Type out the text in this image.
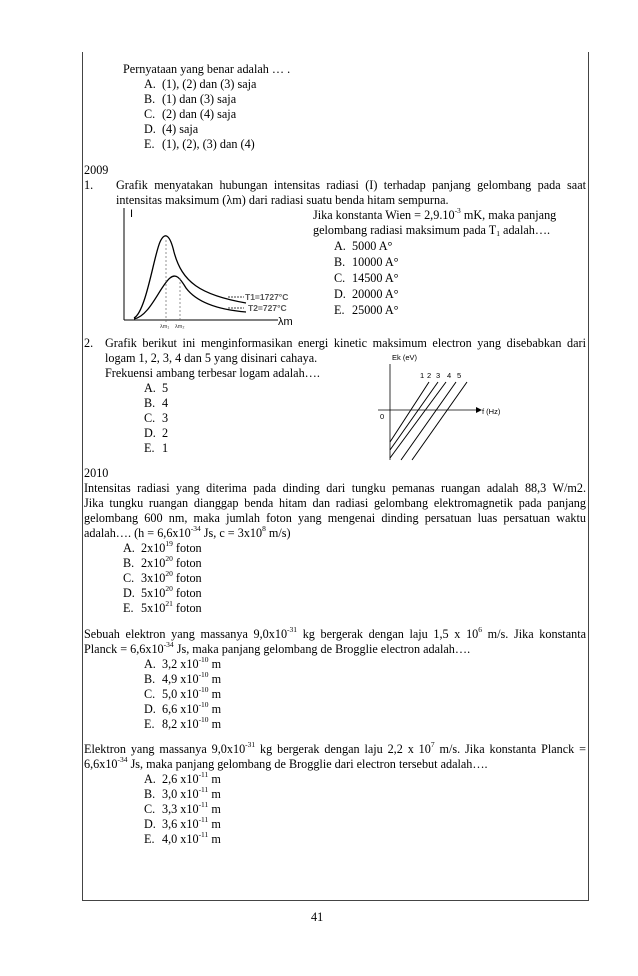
Pernyataan yang benar adalah … .
A. (1), (2) dan (3) saja
B. (1) dan (3) saja
C. (2) dan (4) saja
D. (4) saja
E. (1), (2), (3) dan (4)
2009
1. Grafik menyatakan hubungan intensitas radiasi (I) terhadap panjang gelombang pada saat
intensitas maksimum (λm) dari radiasi suatu benda hitam sempurna.
Jika konstanta Wien = $2,9.10^{-3}$ mK, maka panjang
gelombang radiasi maksimum pada T1 adalah….
A. 5000 A°
B. 10000 A°
C. 14500 A°
D. 20000 A°
E. 25000 A°
I
T1=1727°C
T2=727°C
λm₁ λm₂	λm
2. Grafik berikut ini menginformasikan energi kinetic maksimum electron yang disebabkan dari
logam 1, 2, 3, 4 dan 5 yang disinari cahaya.
Frekuensi ambang terbesar logam adalah….
A. 5
B. 4
C. 3
D. 2
E. 1
Ek (eV)
f (Hz)
0
1 2 3 4 5
2010
Intensitas radiasi yang diterima pada dinding dari tungku pemanas ruangan adalah 88,3 W/m2.
Jika tungku ruangan dianggap benda hitam dan radiasi gelombang elektromagnetik pada panjang
gelombang 600 nm, maka jumlah foton yang mengenai dinding persatuan luas persatuan waktu
adalah…. ($h = 6,6x10^{-34}$ Js, $c = 3x10^8$ m/s)
A. $2x10^{19}$ foton
B. $2x10^{20}$ foton
C. $3x10^{20}$ foton
D. $5x10^{20}$ foton
E. $5x10^{21}$ foton
Sebuah elektron yang massanya $9,0x10^{-31}$ kg bergerak dengan laju 1,5 x $10^6$ m/s. Jika konstanta
Planck = $6,6x10^{-34}$ Js, maka panjang gelombang de Brogglie electron adalah….
A. 3,2 $x10^{-10}$ m
B. 4,9 $x10^{-10}$ m
C. 5,0 $x10^{-10}$ m
D. 6,6 $x10^{-10}$ m
E. 8,2 $x10^{-10}$ m
Elektron yang massanya $9,0x10^{-31}$ kg bergerak dengan laju 2,2 x $10^7$ m/s. Jika konstanta Planck =
$6,6x10^{-34}$ Js, maka panjang gelombang de Brogglie dari electron tersebut adalah….
A. 2,6 $x10^{-11}$ m
B. 3,0 $x10^{-11}$ m
C. 3,3 $x10^{-11}$ m
D. 3,6 $x10^{-11}$ m
E. 4,0 $x10^{-11}$ m
41
